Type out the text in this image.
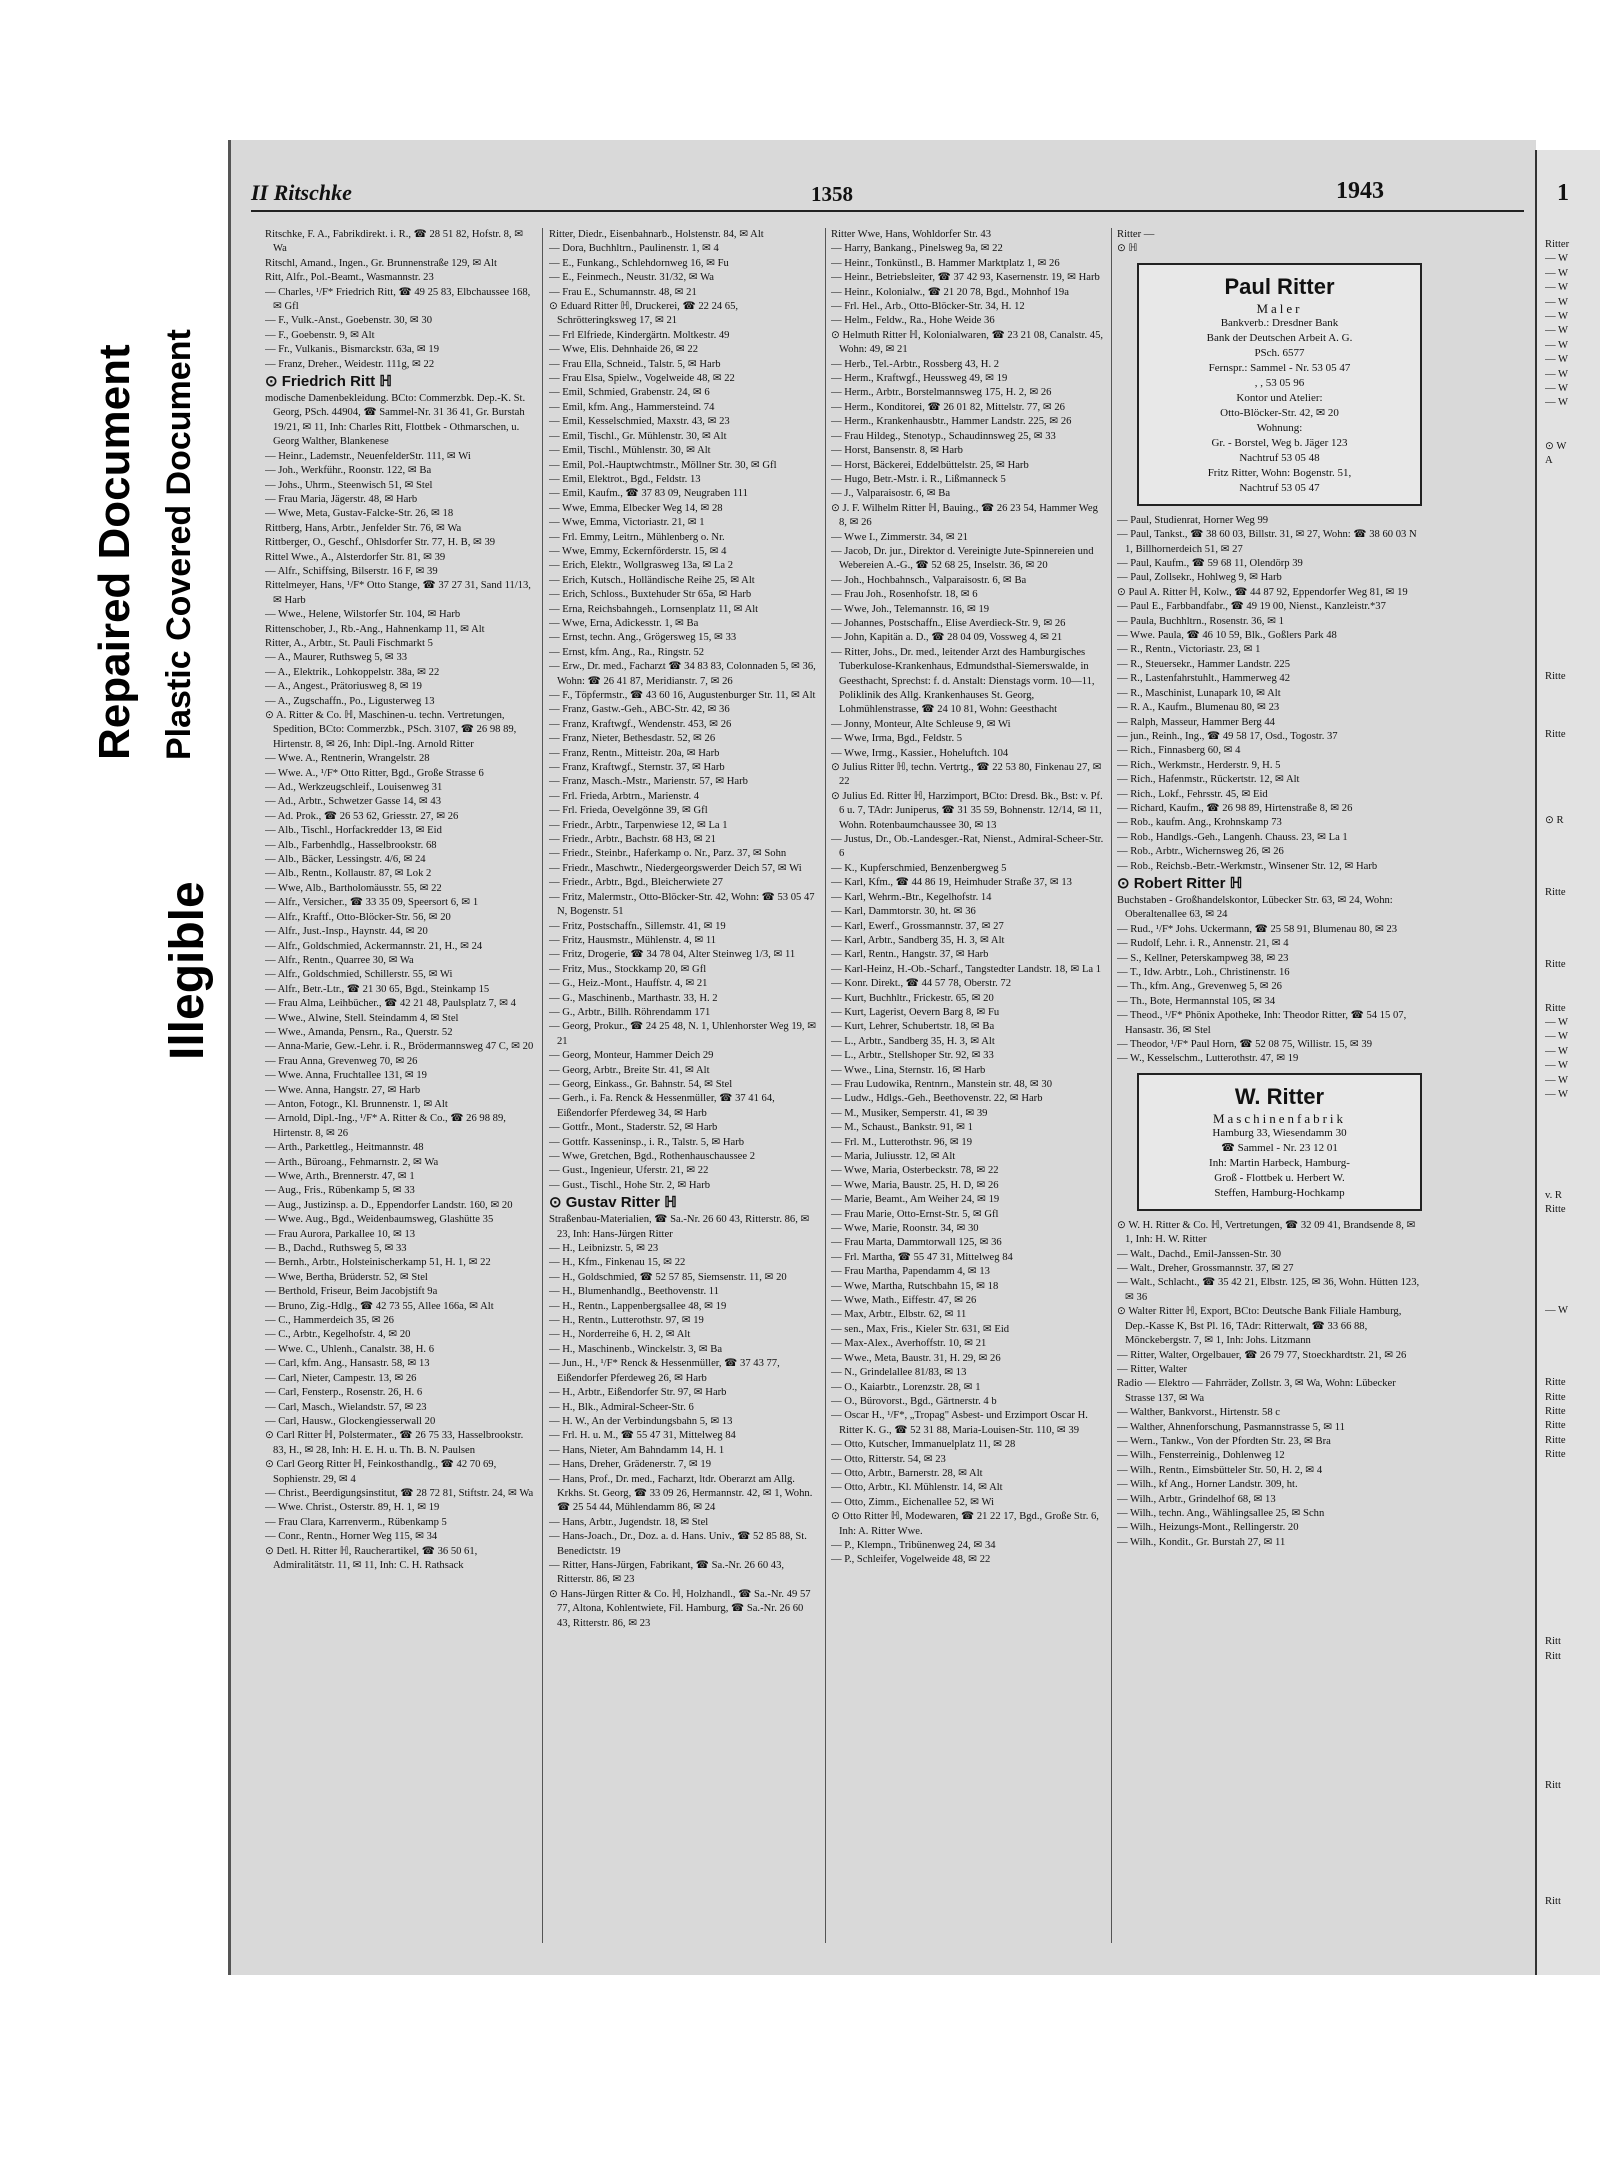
Repaired Document Plastic Covered Document
Illegible
II Ritschke	1358	1943

Ritschke, F. A., Fabrikdirekt. i. R., ☎ 28 51 82, Hofstr. 8, ✉ Wa

Ritschl, Amand., Ingen., Gr. Brunnenstraße 129, ✉ Alt

Ritt, Alfr., Pol.-Beamt., Wasmannstr. 23

— Charles, ¹/F* Friedrich Ritt, ☎ 49 25 83, Elbchaussee 168, ✉ Gfl

— F., Vulk.-Anst., Goebenstr. 30, ✉ 30

— F., Goebenstr. 9, ✉ Alt

— Fr., Vulkanis., Bismarckstr. 63a, ✉ 19

— Franz, Dreher., Weidestr. 111g, ✉ 22

⊙ Friedrich Ritt ℍ

modische Damenbekleidung. BCto: Commerzbk. Dep.-K. St. Georg, PSch. 44904, ☎ Sammel-Nr. 31 36 41, Gr. Burstah 19/21, ✉ 11, Inh: Charles Ritt, Flottbek - Othmarschen, u. Georg Walther, Blankenese

— Heinr., Lademstr., NeuenfelderStr. 111, ✉ Wi

— Joh., Werkführ., Roonstr. 122, ✉ Ba

— Johs., Uhrm., Steenwisch 51, ✉ Stel

— Frau Maria, Jägerstr. 48, ✉ Harb

— Wwe, Meta, Gustav-Falcke-Str. 26, ✉ 18

Rittberg, Hans, Arbtr., Jenfelder Str. 76, ✉ Wa

Rittberger, O., Geschf., Ohlsdorfer Str. 77, H. B, ✉ 39

Rittel Wwe., A., Alsterdorfer Str. 81, ✉ 39

— Alfr., Schiffsing, Bilserstr. 16 F, ✉ 39

Rittelmeyer, Hans, ¹/F* Otto Stange, ☎ 37 27 31, Sand 11/13, ✉ Harb

— Wwe., Helene, Wilstorfer Str. 104, ✉ Harb

Rittenschober, J., Rb.-Ang., Hahnenkamp 11, ✉ Alt

Ritter, A., Arbtr., St. Pauli Fischmarkt 5

— A., Maurer, Ruthsweg 5, ✉ 33

— A., Elektrik., Lohkoppelstr. 38a, ✉ 22

— A., Angest., Prätoriusweg 8, ✉ 19

— A., Zugschaffn., Po., Ligusterweg 13

⊙ A. Ritter & Co. ℍ, Maschinen-u. techn. Vertretungen, Spedition, BCto: Commerzbk., PSch. 3107, ☎ 26 98 89, Hirtenstr. 8, ✉ 26, Inh: Dipl.-Ing. Arnold Ritter

— Wwe. A., Rentnerin, Wrangelstr. 28

— Wwe. A., ¹/F* Otto Ritter, Bgd., Große Strasse 6

— Ad., Werkzeugschleif., Louisenweg 31

— Ad., Arbtr., Schwetzer Gasse 14, ✉ 43

— Ad. Prok., ☎ 26 53 62, Griesstr. 27, ✉ 26

— Alb., Tischl., Horfackredder 13, ✉ Eid

— Alb., Farbenhdlg., Hasselbrookstr. 68

— Alb., Bäcker, Lessingstr. 4/6, ✉ 24

— Alb., Rentn., Kollaustr. 87, ✉ Lok 2

— Wwe, Alb., Bartholomäusstr. 55, ✉ 22

— Alfr., Versicher., ☎ 33 35 09, Speersort 6, ✉ 1

— Alfr., Kraftf., Otto-Blöcker-Str. 56, ✉ 20

— Alfr., Just.-Insp., Haynstr. 44, ✉ 20

— Alfr., Goldschmied, Ackermannstr. 21, H., ✉ 24

— Alfr., Rentn., Quarree 30, ✉ Wa

— Alfr., Goldschmied, Schillerstr. 55, ✉ Wi

— Alfr., Betr.-Ltr., ☎ 21 30 65, Bgd., Steinkamp 15

— Frau Alma, Leihbücher., ☎ 42 21 48, Paulsplatz 7, ✉ 4

— Wwe., Alwine, Stell. Steindamm 4, ✉ Stel

— Wwe., Amanda, Pensrn., Ra., Querstr. 52

— Anna-Marie, Gew.-Lehr. i. R., Brödermannsweg 47 C, ✉ 20

— Frau Anna, Grevenweg 70, ✉ 26

— Wwe. Anna, Fruchtallee 131, ✉ 19

— Wwe. Anna, Hangstr. 27, ✉ Harb

— Anton, Fotogr., Kl. Brunnenstr. 1, ✉ Alt

— Arnold, Dipl.-Ing., ¹/F* A. Ritter & Co., ☎ 26 98 89, Hirtenstr. 8, ✉ 26

— Arth., Parkettleg., Heitmannstr. 48

— Arth., Büroang., Fehmarnstr. 2, ✉ Wa

— Wwe, Arth., Brennerstr. 47, ✉ 1

— Aug., Fris., Rübenkamp 5, ✉ 33

— Aug., Justizinsp. a. D., Eppendorfer Landstr. 160, ✉ 20

— Wwe. Aug., Bgd., Weidenbaumsweg, Glashütte 35

— Frau Aurora, Parkallee 10, ✉ 13

— B., Dachd., Ruthsweg 5, ✉ 33

— Bernh., Arbtr., Holsteinischerkamp 51, H. 1, ✉ 22

— Wwe, Bertha, Brüderstr. 52, ✉ Stel

— Berthold, Friseur, Beim Jacobjstift 9a

— Bruno, Zig.-Hdlg., ☎ 42 73 55, Allee 166a, ✉ Alt

— C., Hammerdeich 35, ✉ 26

— C., Arbtr., Kegelhofstr. 4, ✉ 20

— Wwe. C., Uhlenh., Canalstr. 38, H. 6

— Carl, kfm. Ang., Hansastr. 58, ✉ 13

— Carl, Nieter, Campestr. 13, ✉ 26

— Carl, Fensterp., Rosenstr. 26, H. 6

— Carl, Masch., Wielandstr. 57, ✉ 23

— Carl, Hausw., Glockengiesserwall 20

⊙ Carl Ritter ℍ, Polstermater., ☎ 26 75 33, Hasselbrookstr. 83, H., ✉ 28, Inh: H. E. H. u. Th. B. N. Paulsen

⊙ Carl Georg Ritter ℍ, Feinkosthandlg., ☎ 42 70 69, Sophienstr. 29, ✉ 4

— Christ., Beerdigungsinstitut, ☎ 28 72 81, Stiftstr. 24, ✉ Wa

— Wwe. Christ., Osterstr. 89, H. 1, ✉ 19

— Frau Clara, Karrenverm., Rübenkamp 5

— Conr., Rentn., Horner Weg 115, ✉ 34

⊙ Detl. H. Ritter ℍ, Raucherartikel, ☎ 36 50 61, Admiralitätstr. 11, ✉ 11, Inh: C. H. Rathsack

Ritter, Diedr., Eisenbahnarb., Holstenstr. 84, ✉ Alt

— Dora, Buchhltrn., Paulinenstr. 1, ✉ 4

— E., Funkang., Schlehdornweg 16, ✉ Fu

— E., Feinmech., Neustr. 31/32, ✉ Wa

— Frau E., Schumannstr. 48, ✉ 21

⊙ Eduard Ritter ℍ, Druckerei, ☎ 22 24 65, Schrötteringksweg 17, ✉ 21

— Frl Elfriede, Kindergärtn. Moltkestr. 49

— Wwe, Elis. Dehnhaide 26, ✉ 22

— Frau Ella, Schneid., Talstr. 5, ✉ Harb

— Frau Elsa, Spielw., Vogelweide 48, ✉ 22

— Emil, Schmied, Grabenstr. 24, ✉ 6

— Emil, kfm. Ang., Hammersteind. 74

— Emil, Kesselschmied, Maxstr. 43, ✉ 23

— Emil, Tischl., Gr. Mühlenstr. 30, ✉ Alt

— Emil, Tischl., Mühlenstr. 30, ✉ Alt

— Emil, Pol.-Hauptwchtmstr., Möllner Str. 30, ✉ Gfl

— Emil, Elektrot., Bgd., Feldstr. 13

— Emil, Kaufm., ☎ 37 83 09, Neugraben 111

— Wwe, Emma, Elbecker Weg 14, ✉ 28

— Wwe, Emma, Victoriastr. 21, ✉ 1

— Frl. Emmy, Leitrn., Mühlenberg o. Nr.

— Wwe, Emmy, Eckernförderstr. 15, ✉ 4

— Erich, Elektr., Wollgrasweg 13a, ✉ La 2

— Erich, Kutsch., Holländische Reihe 25, ✉ Alt

— Erich, Schloss., Buxtehuder Str 65a, ✉ Harb

— Erna, Reichsbahngeh., Lornsenplatz 11, ✉ Alt

— Wwe, Erna, Adickesstr. 1, ✉ Ba

— Ernst, techn. Ang., Grögersweg 15, ✉ 33

— Ernst, kfm. Ang., Ra., Ringstr. 52

— Erw., Dr. med., Facharzt ☎ 34 83 83, Colonnaden 5, ✉ 36, Wohn: ☎ 26 41 87, Meridianstr. 7, ✉ 26

— F., Töpfermstr., ☎ 43 60 16, Augustenburger Str. 11, ✉ Alt

— Franz, Gastw.-Geh., ABC-Str. 42, ✉ 36

— Franz, Kraftwgf., Wendenstr. 453, ✉ 26

— Franz, Nieter, Bethesdastr. 52, ✉ 26

— Franz, Rentn., Mitteistr. 20a, ✉ Harb

— Franz, Kraftwgf., Sternstr. 37, ✉ Harb

— Franz, Masch.-Mstr., Marienstr. 57, ✉ Harb

— Frl. Frieda, Arbtrn., Marienstr. 4

— Frl. Frieda, Oevelgönne 39, ✉ Gfl

— Friedr., Arbtr., Tarpenwiese 12, ✉ La 1

— Friedr., Arbtr., Bachstr. 68 H3, ✉ 21

— Friedr., Steinbr., Haferkamp o. Nr., Parz. 37, ✉ Sohn

— Friedr., Maschwtr., Niedergeorgswerder Deich 57, ✉ Wi

— Friedr., Arbtr., Bgd., Bleicherwiete 27

— Fritz, Malermstr., Otto-Blöcker-Str. 42, Wohn: ☎ 53 05 47 N, Bogenstr. 51

— Fritz, Postschaffn., Sillemstr. 41, ✉ 19

— Fritz, Hausmstr., Mühlenstr. 4, ✉ 11

— Fritz, Drogerie, ☎ 34 78 04, Alter Steinweg 1/3, ✉ 11

— Fritz, Mus., Stockkamp 20, ✉ Gfl

— G., Heiz.-Mont., Hauffstr. 4, ✉ 21

— G., Maschinenb., Marthastr. 33, H. 2

— G., Arbtr., Billh. Röhrendamm 171

— Georg, Prokur., ☎ 24 25 48, N. 1, Uhlenhorster Weg 19, ✉ 21

— Georg, Monteur, Hammer Deich 29

— Georg, Arbtr., Breite Str. 41, ✉ Alt

— Georg, Einkass., Gr. Bahnstr. 54, ✉ Stel

— Gerh., i. Fa. Renck & Hessenmüller, ☎ 37 41 64, Eißendorfer Pferdeweg 34, ✉ Harb

— Gottfr., Mont., Staderstr. 52, ✉ Harb

— Gottfr. Kasseninsp., i. R., Talstr. 5, ✉ Harb

— Wwe, Gretchen, Bgd., Rothenhauschaussee 2

— Gust., Ingenieur, Uferstr. 21, ✉ 22

— Gust., Tischl., Hohe Str. 2, ✉ Harb

⊙ Gustav Ritter ℍ

Straßenbau-Materialien, ☎ Sa.-Nr. 26 60 43, Ritterstr. 86, ✉ 23, Inh: Hans-Jürgen Ritter

— H., Leibnizstr. 5, ✉ 23

— H., Kfm., Finkenau 15, ✉ 22

— H., Goldschmied, ☎ 52 57 85, Siemsenstr. 11, ✉ 20

— H., Blumenhandlg., Beethovenstr. 11

— H., Rentn., Lappenbergsallee 48, ✉ 19

— H., Rentn., Lutterothstr. 97, ✉ 19

— H., Norderreihe 6, H. 2, ✉ Alt

— H., Maschinenb., Winckelstr. 3, ✉ Ba

— Jun., H., ¹/F* Renck & Hessenmüller, ☎ 37 43 77, Eißendorfer Pferdeweg 26, ✉ Harb

— H., Arbtr., Eißendorfer Str. 97, ✉ Harb

— H., Blk., Admiral-Scheer-Str. 6

— H. W., An der Verbindungsbahn 5, ✉ 13

— Frl. H. u. M., ☎ 55 47 31, Mittelweg 84

— Hans, Nieter, Am Bahndamm 14, H. 1

— Hans, Dreher, Grädenerstr. 7, ✉ 19

— Hans, Prof., Dr. med., Facharzt, ltdr. Oberarzt am Allg. Krkhs. St. Georg, ☎ 33 09 26, Hermannstr. 42, ✉ 1, Wohn. ☎ 25 54 44, Mühlendamm 86, ✉ 24

— Hans, Arbtr., Jugendstr. 18, ✉ Stel

— Hans-Joach., Dr., Doz. a. d. Hans. Univ., ☎ 52 85 88, St. Benedictstr. 19

— Ritter, Hans-Jürgen, Fabrikant, ☎ Sa.-Nr. 26 60 43, Ritterstr. 86, ✉ 23

⊙ Hans-Jürgen Ritter & Co. ℍ, Holzhandl., ☎ Sa.-Nr. 49 57 77, Altona, Kohlentwiete, Fil. Hamburg, ☎ Sa.-Nr. 26 60 43, Ritterstr. 86, ✉ 23

Ritter Wwe, Hans, Wohldorfer Str. 43

— Harry, Bankang., Pinelsweg 9a, ✉ 22

— Heinr., Tonkünstl., B. Hammer Marktplatz 1, ✉ 26

— Heinr., Betriebsleiter, ☎ 37 42 93, Kasernenstr. 19, ✉ Harb

— Heinr., Kolonialw., ☎ 21 20 78, Bgd., Mohnhof 19a

— Frl. Hel., Arb., Otto-Blöcker-Str. 34, H. 12

— Helm., Feldw., Ra., Hohe Weide 36

⊙ Helmuth Ritter ℍ, Kolonialwaren, ☎ 23 21 08, Canalstr. 45, Wohn: 49, ✉ 21

— Herb., Tel.-Arbtr., Rossberg 43, H. 2

— Herm., Kraftwgf., Heussweg 49, ✉ 19

— Herm., Arbtr., Borstelmannsweg 175, H. 2, ✉ 26

— Herm., Konditorei, ☎ 26 01 82, Mittelstr. 77, ✉ 26

— Herm., Krankenhausbtr., Hammer Landstr. 225, ✉ 26

— Frau Hildeg., Stenotyp., Schaudinnsweg 25, ✉ 33

— Horst, Bansenstr. 8, ✉ Harb

— Horst, Bäckerei, Eddelbüttelstr. 25, ✉ Harb

— Hugo, Betr.-Mstr. i. R., Lißmanneck 5

— J., Valparaisostr. 6, ✉ Ba

⊙ J. F. Wilhelm Ritter ℍ, Bauing., ☎ 26 23 54, Hammer Weg 8, ✉ 26

— Wwe I., Zimmerstr. 34, ✉ 21

— Jacob, Dr. jur., Direktor d. Vereinigte Jute-Spinnereien und Webereien A.-G., ☎ 52 68 25, Inselstr. 36, ✉ 20

— Joh., Hochbahnsch., Valparaisostr. 6, ✉ Ba

— Frau Joh., Rosenhofstr. 18, ✉ 6

— Wwe, Joh., Telemannstr. 16, ✉ 19

— Johannes, Postschaffn., Elise Averdieck-Str. 9, ✉ 26

— John, Kapitän a. D., ☎ 28 04 09, Vossweg 4, ✉ 21

— Ritter, Johs., Dr. med., leitender Arzt des Hamburgisches Tuberkulose-Krankenhaus, Edmundsthal-Siemerswalde, in Geesthacht, Sprechst: f. d. Anstalt: Dienstags vorm. 10—11, Poliklinik des Allg. Krankenhauses St. Georg, Lohmühlenstrasse, ☎ 24 10 81, Wohn: Geesthacht

— Jonny, Monteur, Alte Schleuse 9, ✉ Wi

— Wwe, Irma, Bgd., Feldstr. 5

— Wwe, Irmg., Kassier., Hoheluftch. 104

⊙ Julius Ritter ℍ, techn. Vertrtg., ☎ 22 53 80, Finkenau 27, ✉ 22

⊙ Julius Ed. Ritter ℍ, Harzimport, BCto: Dresd. Bk., Bst: v. Pf. 6 u. 7, TAdr: Juniperus, ☎ 31 35 59, Bohnenstr. 12/14, ✉ 11, Wohn. Rotenbaumchaussee 30, ✉ 13

— Justus, Dr., Ob.-Landesger.-Rat, Nienst., Admiral-Scheer-Str. 6

— K., Kupferschmied, Benzenbergweg 5

— Karl, Kfm., ☎ 44 86 19, Heimhuder Straße 37, ✉ 13

— Karl, Wehrm.-Btr., Kegelhofstr. 14

— Karl, Dammtorstr. 30, ht. ✉ 36

— Karl, Ewerf., Grossmannstr. 37, ✉ 27

— Karl, Arbtr., Sandberg 35, H. 3, ✉ Alt

— Karl, Rentn., Hangstr. 37, ✉ Harb

— Karl-Heinz, H.-Ob.-Scharf., Tangstedter Landstr. 18, ✉ La 1

— Konr. Direkt., ☎ 44 57 78, Oberstr. 72

— Kurt, Buchhltr., Frickestr. 65, ✉ 20

— Kurt, Lagerist, Oevern Barg 8, ✉ Fu

— Kurt, Lehrer, Schubertstr. 18, ✉ Ba

— L., Arbtr., Sandberg 35, H. 3, ✉ Alt

— L., Arbtr., Stellshoper Str. 92, ✉ 33

— Wwe., Lina, Sternstr. 16, ✉ Harb

— Frau Ludowika, Rentnrn., Manstein str. 48, ✉ 30

— Ludw., Hdlgs.-Geh., Beethovenstr. 22, ✉ Harb

— M., Musiker, Semperstr. 41, ✉ 39

— M., Schaust., Bankstr. 91, ✉ 1

— Frl. M., Lutterothstr. 96, ✉ 19

— Maria, Juliusstr. 12, ✉ Alt

— Wwe, Maria, Osterbeckstr. 78, ✉ 22

— Wwe, Maria, Baustr. 25, H. D, ✉ 26

— Marie, Beamt., Am Weiher 24, ✉ 19

— Frau Marie, Otto-Ernst-Str. 5, ✉ Gfl

— Wwe, Marie, Roonstr. 34, ✉ 30

— Frau Marta, Dammtorwall 125, ✉ 36

— Frl. Martha, ☎ 55 47 31, Mittelweg 84

— Frau Martha, Papendamm 4, ✉ 13

— Wwe, Martha, Rutschbahn 15, ✉ 18

— Wwe, Math., Eiffestr. 47, ✉ 26

— Max, Arbtr., Elbstr. 62, ✉ 11

— sen., Max, Fris., Kieler Str. 631, ✉ Eid

— Max-Alex., Averhoffstr. 10, ✉ 21

— Wwe., Meta, Baustr. 31, H. 29, ✉ 26

— N., Grindelallee 81/83, ✉ 13

— O., Kaiarbtr., Lorenzstr. 28, ✉ 1

— O., Bürovorst., Bgd., Gärtnerstr. 4 b

— Oscar H., ¹/F*, „Tropag" Asbest- und Erzimport Oscar H. Ritter K. G., ☎ 52 31 88, Maria-Louisen-Str. 110, ✉ 39

— Otto, Kutscher, Immanuelplatz 11, ✉ 28

— Otto, Ritterstr. 54, ✉ 23

— Otto, Arbtr., Barnerstr. 28, ✉ Alt

— Otto, Arbtr., Kl. Mühlenstr. 14, ✉ Alt

— Otto, Zimm., Eichenallee 52, ✉ Wi

⊙ Otto Ritter ℍ, Modewaren, ☎ 21 22 17, Bgd., Große Str. 6, Inh: A. Ritter Wwe.

— P., Klempn., Tribünenweg 24, ✉ 34

— P., Schleifer, Vogelweide 48, ✉ 22

Ritter —

⊙ ℍ

Paul Ritter
Maler

Bankverb.: Dresdner Bank

Bank der Deutschen Arbeit A. G.

PSch. 6577

Fernspr.: Sammel - Nr. 53 05 47

, , 53 05 96

Kontor und Atelier:

Otto-Blöcker-Str. 42, ✉ 20

Wohnung:

Gr. - Borstel, Weg b. Jäger 123

Nachtruf 53 05 48

Fritz Ritter, Wohn: Bogenstr. 51,

Nachtruf 53 05 47

— Paul, Studienrat, Horner Weg 99

— Paul, Tankst., ☎ 38 60 03, Billstr. 31, ✉ 27, Wohn: ☎ 38 60 03 N 1, Billhornerdeich 51, ✉ 27

— Paul, Kaufm., ☎ 59 68 11, Olendörp 39

— Paul, Zollsekr., Hohlweg 9, ✉ Harb

⊙ Paul A. Ritter ℍ, Kolw., ☎ 44 87 92, Eppendorfer Weg 81, ✉ 19

— Paul E., Farbbandfabr., ☎ 49 19 00, Nienst., Kanzleistr.*37

— Paula, Buchhltrn., Rosenstr. 36, ✉ 1

— Wwe. Paula, ☎ 46 10 59, Blk., Goßlers Park 48

— R., Rentn., Victoriastr. 23, ✉ 1

— R., Steuersekr., Hammer Landstr. 225

— R., Lastenfahrstuhlt., Hammerweg 42

— R., Maschinist, Lunapark 10, ✉ Alt

— R. A., Kaufm., Blumenau 80, ✉ 23

— Ralph, Masseur, Hammer Berg 44

— jun., Reinh., Ing., ☎ 49 58 17, Osd., Togostr. 37

— Rich., Finnasberg 60, ✉ 4

— Rich., Werkmstr., Herderstr. 9, H. 5

— Rich., Hafenmstr., Rückertstr. 12, ✉ Alt

— Rich., Lokf., Fehrsstr. 45, ✉ Eid

— Richard, Kaufm., ☎ 26 98 89, Hirtenstraße 8, ✉ 26

— Rob., kaufm. Ang., Krohnskamp 73

— Rob., Handlgs.-Geh., Langenh. Chauss. 23, ✉ La 1

— Rob., Arbtr., Wichernsweg 26, ✉ 26

— Rob., Reichsb.-Betr.-Werkmstr., Winsener Str. 12, ✉ Harb

⊙ Robert Ritter ℍ

Buchstaben - Großhandelskontor, Lübecker Str. 63, ✉ 24, Wohn: Oberaltenallee 63, ✉ 24

— Rud., ¹/F* Johs. Uckermann, ☎ 25 58 91, Blumenau 80, ✉ 23

— Rudolf, Lehr. i. R., Annenstr. 21, ✉ 4

— S., Kellner, Peterskampweg 38, ✉ 23

— T., Idw. Arbtr., Loh., Christinenstr. 16

— Th., kfm. Ang., Grevenweg 5, ✉ 26

— Th., Bote, Hermannstal 105, ✉ 34

— Theod., ¹/F* Phönix Apotheke, Inh: Theodor Ritter, ☎ 54 15 07, Hansastr. 36, ✉ Stel

— Theodor, ¹/F* Paul Horn, ☎ 52 08 75, Willistr. 15, ✉ 39

— W., Kesselschm., Lutterothstr. 47, ✉ 19

W. Ritter
Maschinenfabrik

Hamburg 33, Wiesendamm 30

☎ Sammel - Nr. 23 12 01

Inh: Martin Harbeck, Hamburg-

Groß - Flottbek u. Herbert W.

Steffen, Hamburg-Hochkamp

⊙ W. H. Ritter & Co. ℍ, Vertretungen, ☎ 32 09 41, Brandsende 8, ✉ 1, Inh: H. W. Ritter

— Walt., Dachd., Emil-Janssen-Str. 30

— Walt., Dreher, Grossmannstr. 37, ✉ 27

— Walt., Schlacht., ☎ 35 42 21, Elbstr. 125, ✉ 36, Wohn. Hütten 123, ✉ 36

⊙ Walter Ritter ℍ, Export, BCto: Deutsche Bank Filiale Hamburg, Dep.-Kasse K, Bst Pl. 16, TAdr: Ritterwalt, ☎ 33 66 88, Mönckebergstr. 7, ✉ 1, Inh: Johs. Litzmann

— Ritter, Walter, Orgelbauer, ☎ 26 79 77, Stoeckhardtstr. 21, ✉ 26

— Ritter, Walter

Radio — Elektro — Fahrräder, Zollstr. 3, ✉ Wa, Wohn: Lübecker Strasse 137, ✉ Wa

— Walther, Bankvorst., Hirtenstr. 58 c

— Walther, Ahnenforschung, Pasmannstrasse 5, ✉ 11

— Wern., Tankw., Von der Pfordten Str. 23, ✉ Bra

— Wilh., Fensterreinig., Dohlenweg 12

— Wilh., Rentn., Eimsbütteler Str. 50, H. 2, ✉ 4

— Wilh., kf Ang., Horner Landstr. 309, ht.

— Wilh., Arbtr., Grindelhof 68, ✉ 13

— Wilh., techn. Ang., Wählingsallee 25, ✉ Schn

— Wilh., Heizungs-Mont., Rellingerstr. 20

— Wilh., Kondit., Gr. Burstah 27, ✉ 11

1

Ritter

— W

— W

— W

— W

— W

— W

— W

— W

— W

— W

— W

⊙ W

A

Ritte

Ritte

⊙ R

Ritte

Ritte

Ritte

— W

— W

— W

— W

— W

— W

v. R

Ritte

— W

Ritte

Ritte

Ritte

Ritte

Ritte

Ritte

Ritt

Ritt

Ritt

Ritt
